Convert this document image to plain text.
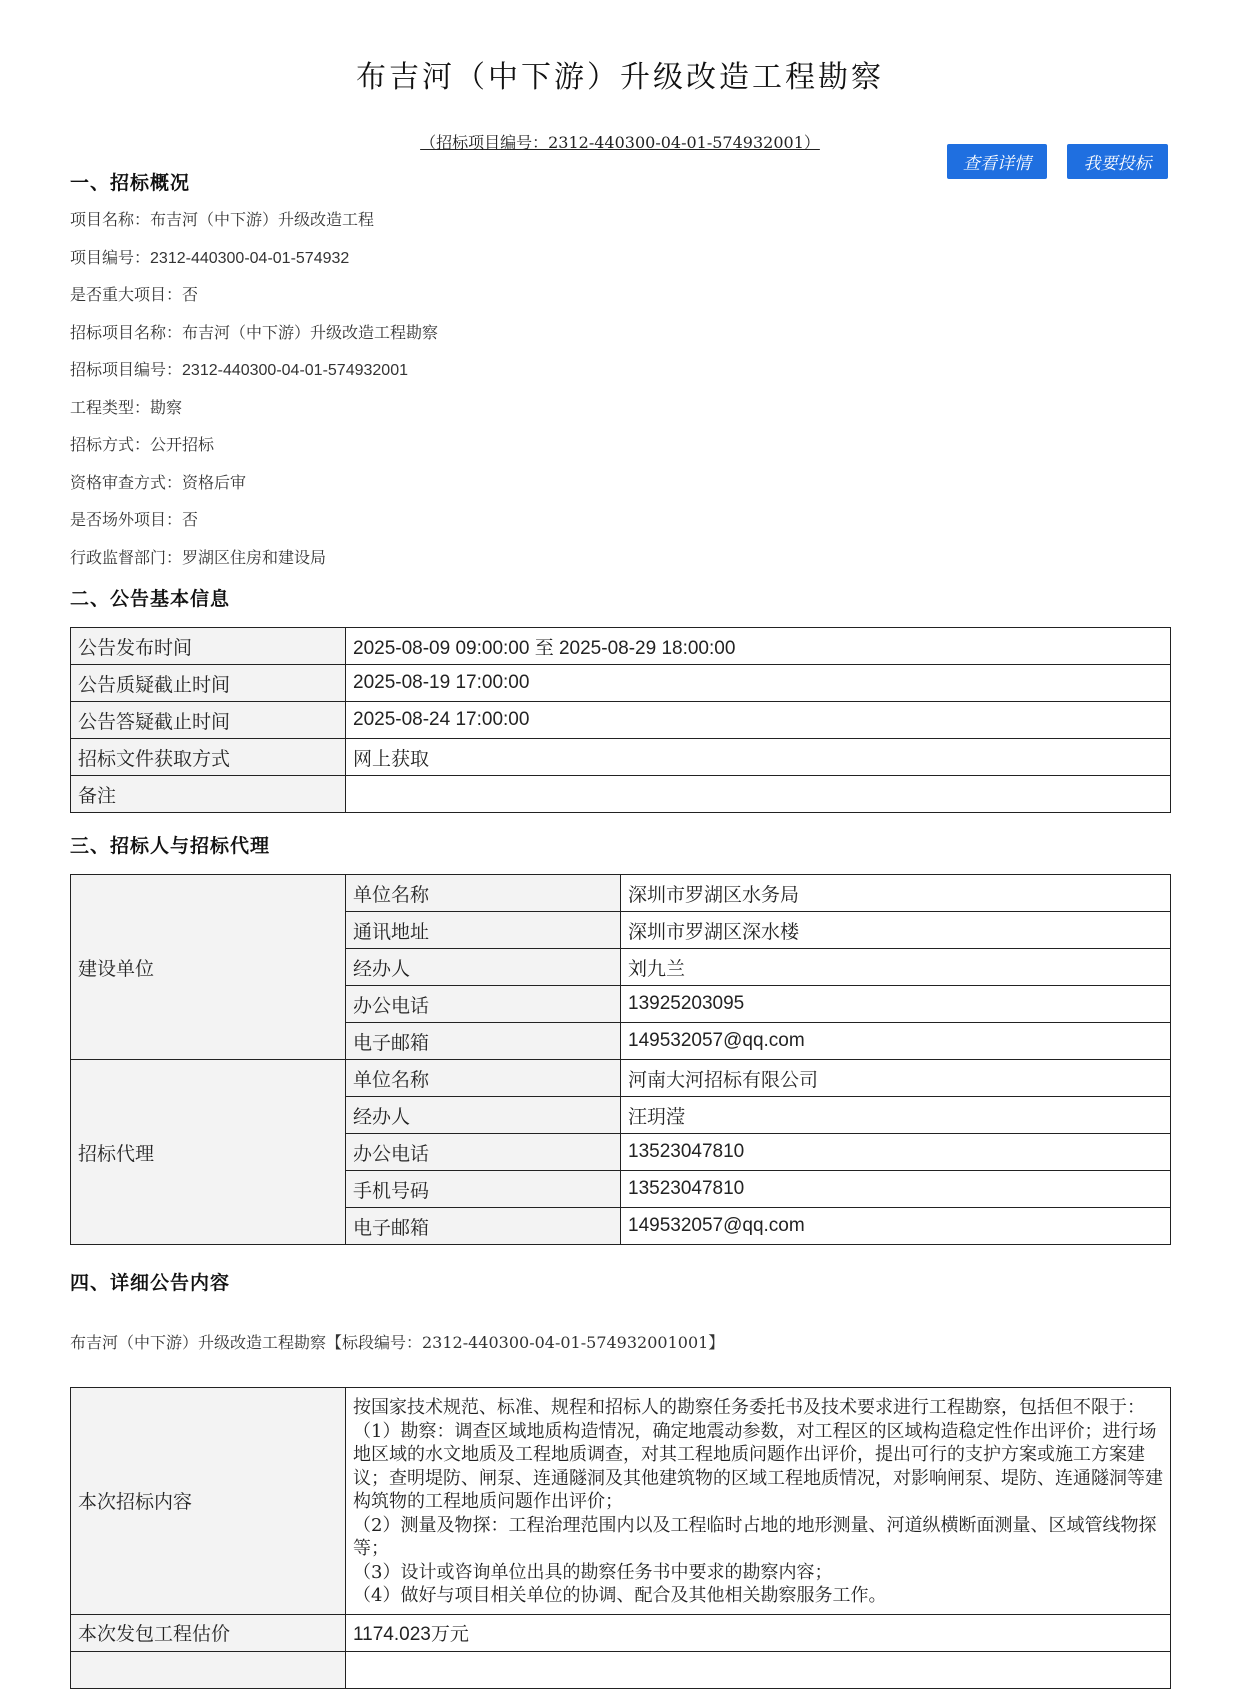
布吉河（中下游）升级改造工程勘察
（招标项目编号：2312-440300-04-01-574932001）
查看详情	我要投标
一、招标概况
项目名称：布吉河（中下游）升级改造工程
项目编号：2312-440300-04-01-574932
是否重大项目：否
招标项目名称：布吉河（中下游）升级改造工程勘察
招标项目编号：2312-440300-04-01-574932001
工程类型：勘察
招标方式：公开招标
资格审查方式：资格后审
是否场外项目：否
行政监督部门：罗湖区住房和建设局
二、公告基本信息
公告发布时间	2025-08-09 09:00:00 至 2025-08-29 18:00:00
公告质疑截止时间	2025-08-19 17:00:00
公告答疑截止时间	2025-08-24 17:00:00
招标文件获取方式	网上获取
备注	
三、招标人与招标代理
建设单位	单位名称	深圳市罗湖区水务局
	通讯地址	深圳市罗湖区深水楼
	经办人	刘九兰
	办公电话	13925203095
	电子邮箱	149532057@qq.com
招标代理	单位名称	河南大河招标有限公司
	经办人	汪玥滢
	办公电话	13523047810
	手机号码	13523047810
	电子邮箱	149532057@qq.com
四、详细公告内容
布吉河（中下游）升级改造工程勘察【标段编号：2312-440300-04-01-574932001001】
本次招标内容	按国家技术规范、标准、规程和招标人的勘察任务委托书及技术要求进行工程勘察，包括但不限于：

（1）勘察：调查区域地质构造情况，确定地震动参数，对工程区的区域构造稳定性作出评价；进行场地区域的水文地质及工程地质调查，对其工程地质问题作出评价，提出可行的支护方案或施工方案建议；查明堤防、闸泵、连通隧洞及其他建筑物的区域工程地质情况，对影响闸泵、堤防、连通隧洞等建构筑物的工程地质问题作出评价；

（2）测量及物探：工程治理范围内以及工程临时占地的地形测量、河道纵横断面测量、区域管线物探等；

（3）设计或咨询单位出具的勘察任务书中要求的勘察内容；

（4）做好与项目相关单位的协调、配合及其他相关勘察服务工作。

本次发包工程估价	1174.023万元
